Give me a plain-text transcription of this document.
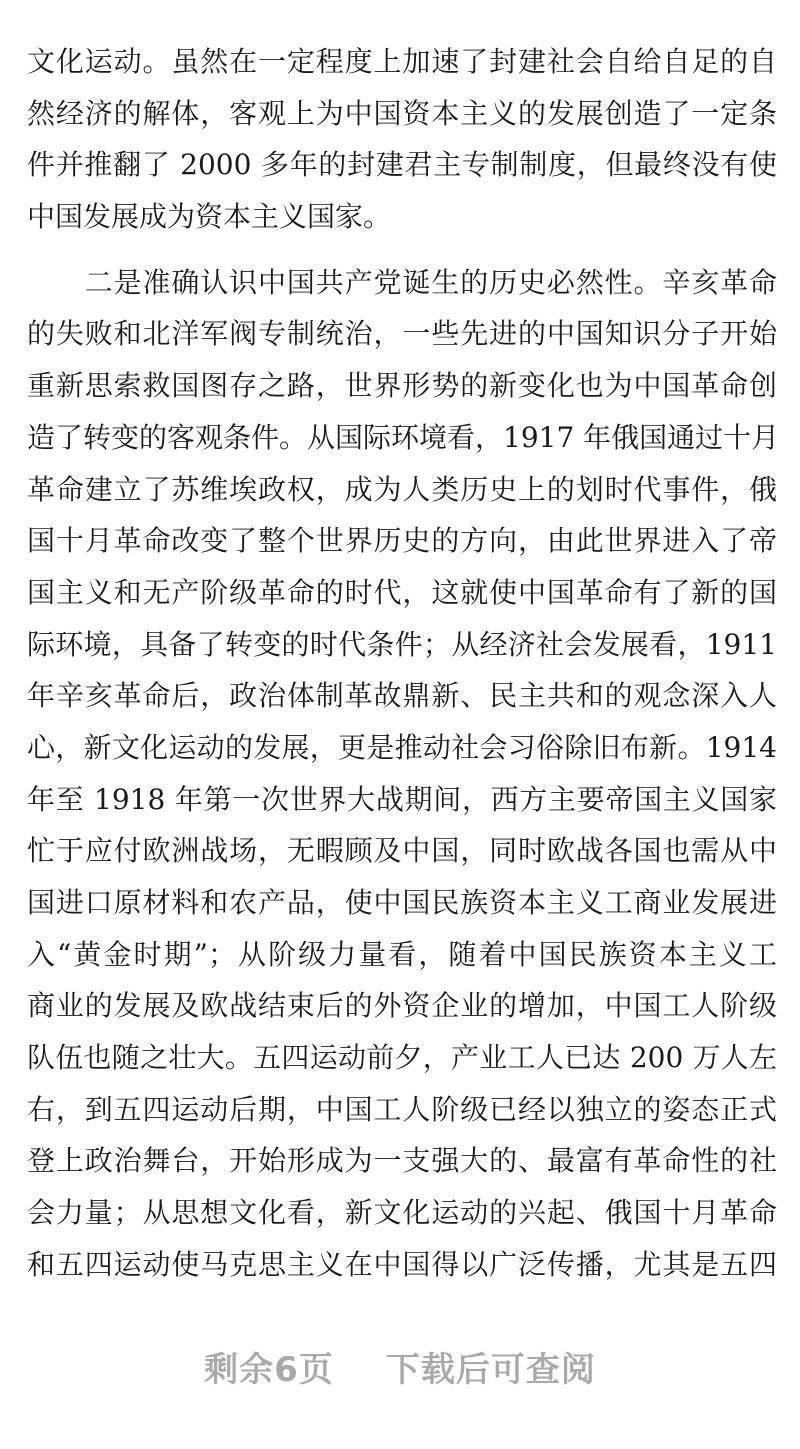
文化运动。虽然在一定程度上加速了封建社会自给自足的自
然经济的解体，客观上为中国资本主义的发展创造了一定条
件并推翻了 2000 多年的封建君主专制制度，但最终没有使
中国发展成为资本主义国家。
　　二是准确认识中国共产党诞生的历史必然性。辛亥革命
的失败和北洋军阀专制统治，一些先进的中国知识分子开始
重新思索救国图存之路，世界形势的新变化也为中国革命创
造了转变的客观条件。从国际环境看，1917 年俄国通过十月
革命建立了苏维埃政权，成为人类历史上的划时代事件，俄
国十月革命改变了整个世界历史的方向，由此世界进入了帝
国主义和无产阶级革命的时代，这就使中国革命有了新的国
际环境，具备了转变的时代条件；从经济社会发展看，1911
年辛亥革命后，政治体制革故鼎新、民主共和的观念深入人
心，新文化运动的发展，更是推动社会习俗除旧布新。1914
年至 1918 年第一次世界大战期间，西方主要帝国主义国家
忙于应付欧洲战场，无暇顾及中国，同时欧战各国也需从中
国进口原材料和农产品，使中国民族资本主义工商业发展进
入“黄金时期”；从阶级力量看，随着中国民族资本主义工
商业的发展及欧战结束后的外资企业的增加，中国工人阶级
队伍也随之壮大。五四运动前夕，产业工人已达 200 万人左
右，到五四运动后期，中国工人阶级已经以独立的姿态正式
登上政治舞台，开始形成为一支强大的、最富有革命性的社
会力量；从思想文化看，新文化运动的兴起、俄国十月革命
和五四运动使马克思主义在中国得以广泛传播，尤其是五四
剩余6页 下载后可查阅
